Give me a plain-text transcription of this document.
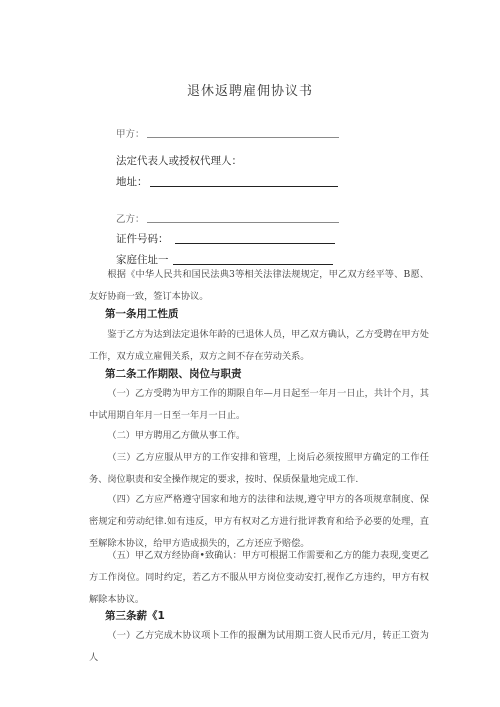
退休返聘雇佣协议书
甲方：
法定代表人或授权代理人：
地址：
乙方：
证件号码：
家庭住址一
根据《中华人民共和国民法典3等相关法律法规规定，甲乙双方经平等、B愿、友好协商一致，签订本协议。
第一条用工性质
鉴于乙方为达到法定退休年龄的已退休人员，甲乙双方确认，乙方受聘在甲方处工作，双方成立雇佣关系，双方之间不存在劳动关系。
第二条工作期限、岗位与职责
（一）乙方受聘为甲方工作的期限自年—月日起至一年月一日止，共计个月，其中试用期自年月一日至一年月一日止。
（二）甲方聘用乙方做从事工作。
（三）乙方应服从甲方的工作安排和管理，上岗后必须按照甲方确定的工作任务、岗位职责和安全操作规定的要求，按时、保质保量地完成工作.
（四）乙方应严格遵守国家和地方的法律和法规,遵守甲方的各项规章制度、保密规定和劳动纪律.如有违反，甲方有权对乙方进行批评教育和给予必要的处理，直至解除木协议，给甲方造成损失的，乙方还应予赔偿。
（五）甲乙双方经协商•致确认：甲方可根据工作需要和乙方的能力表现,变更乙方工作岗位。同时约定，若乙方不服从甲方岗位变动安打,视作乙方违约，甲方有权解除本协议。
第三条薪《1
（一）乙方完成木协议项卜工作的报酬为试用期工资人民币元/月，转正工资为人
